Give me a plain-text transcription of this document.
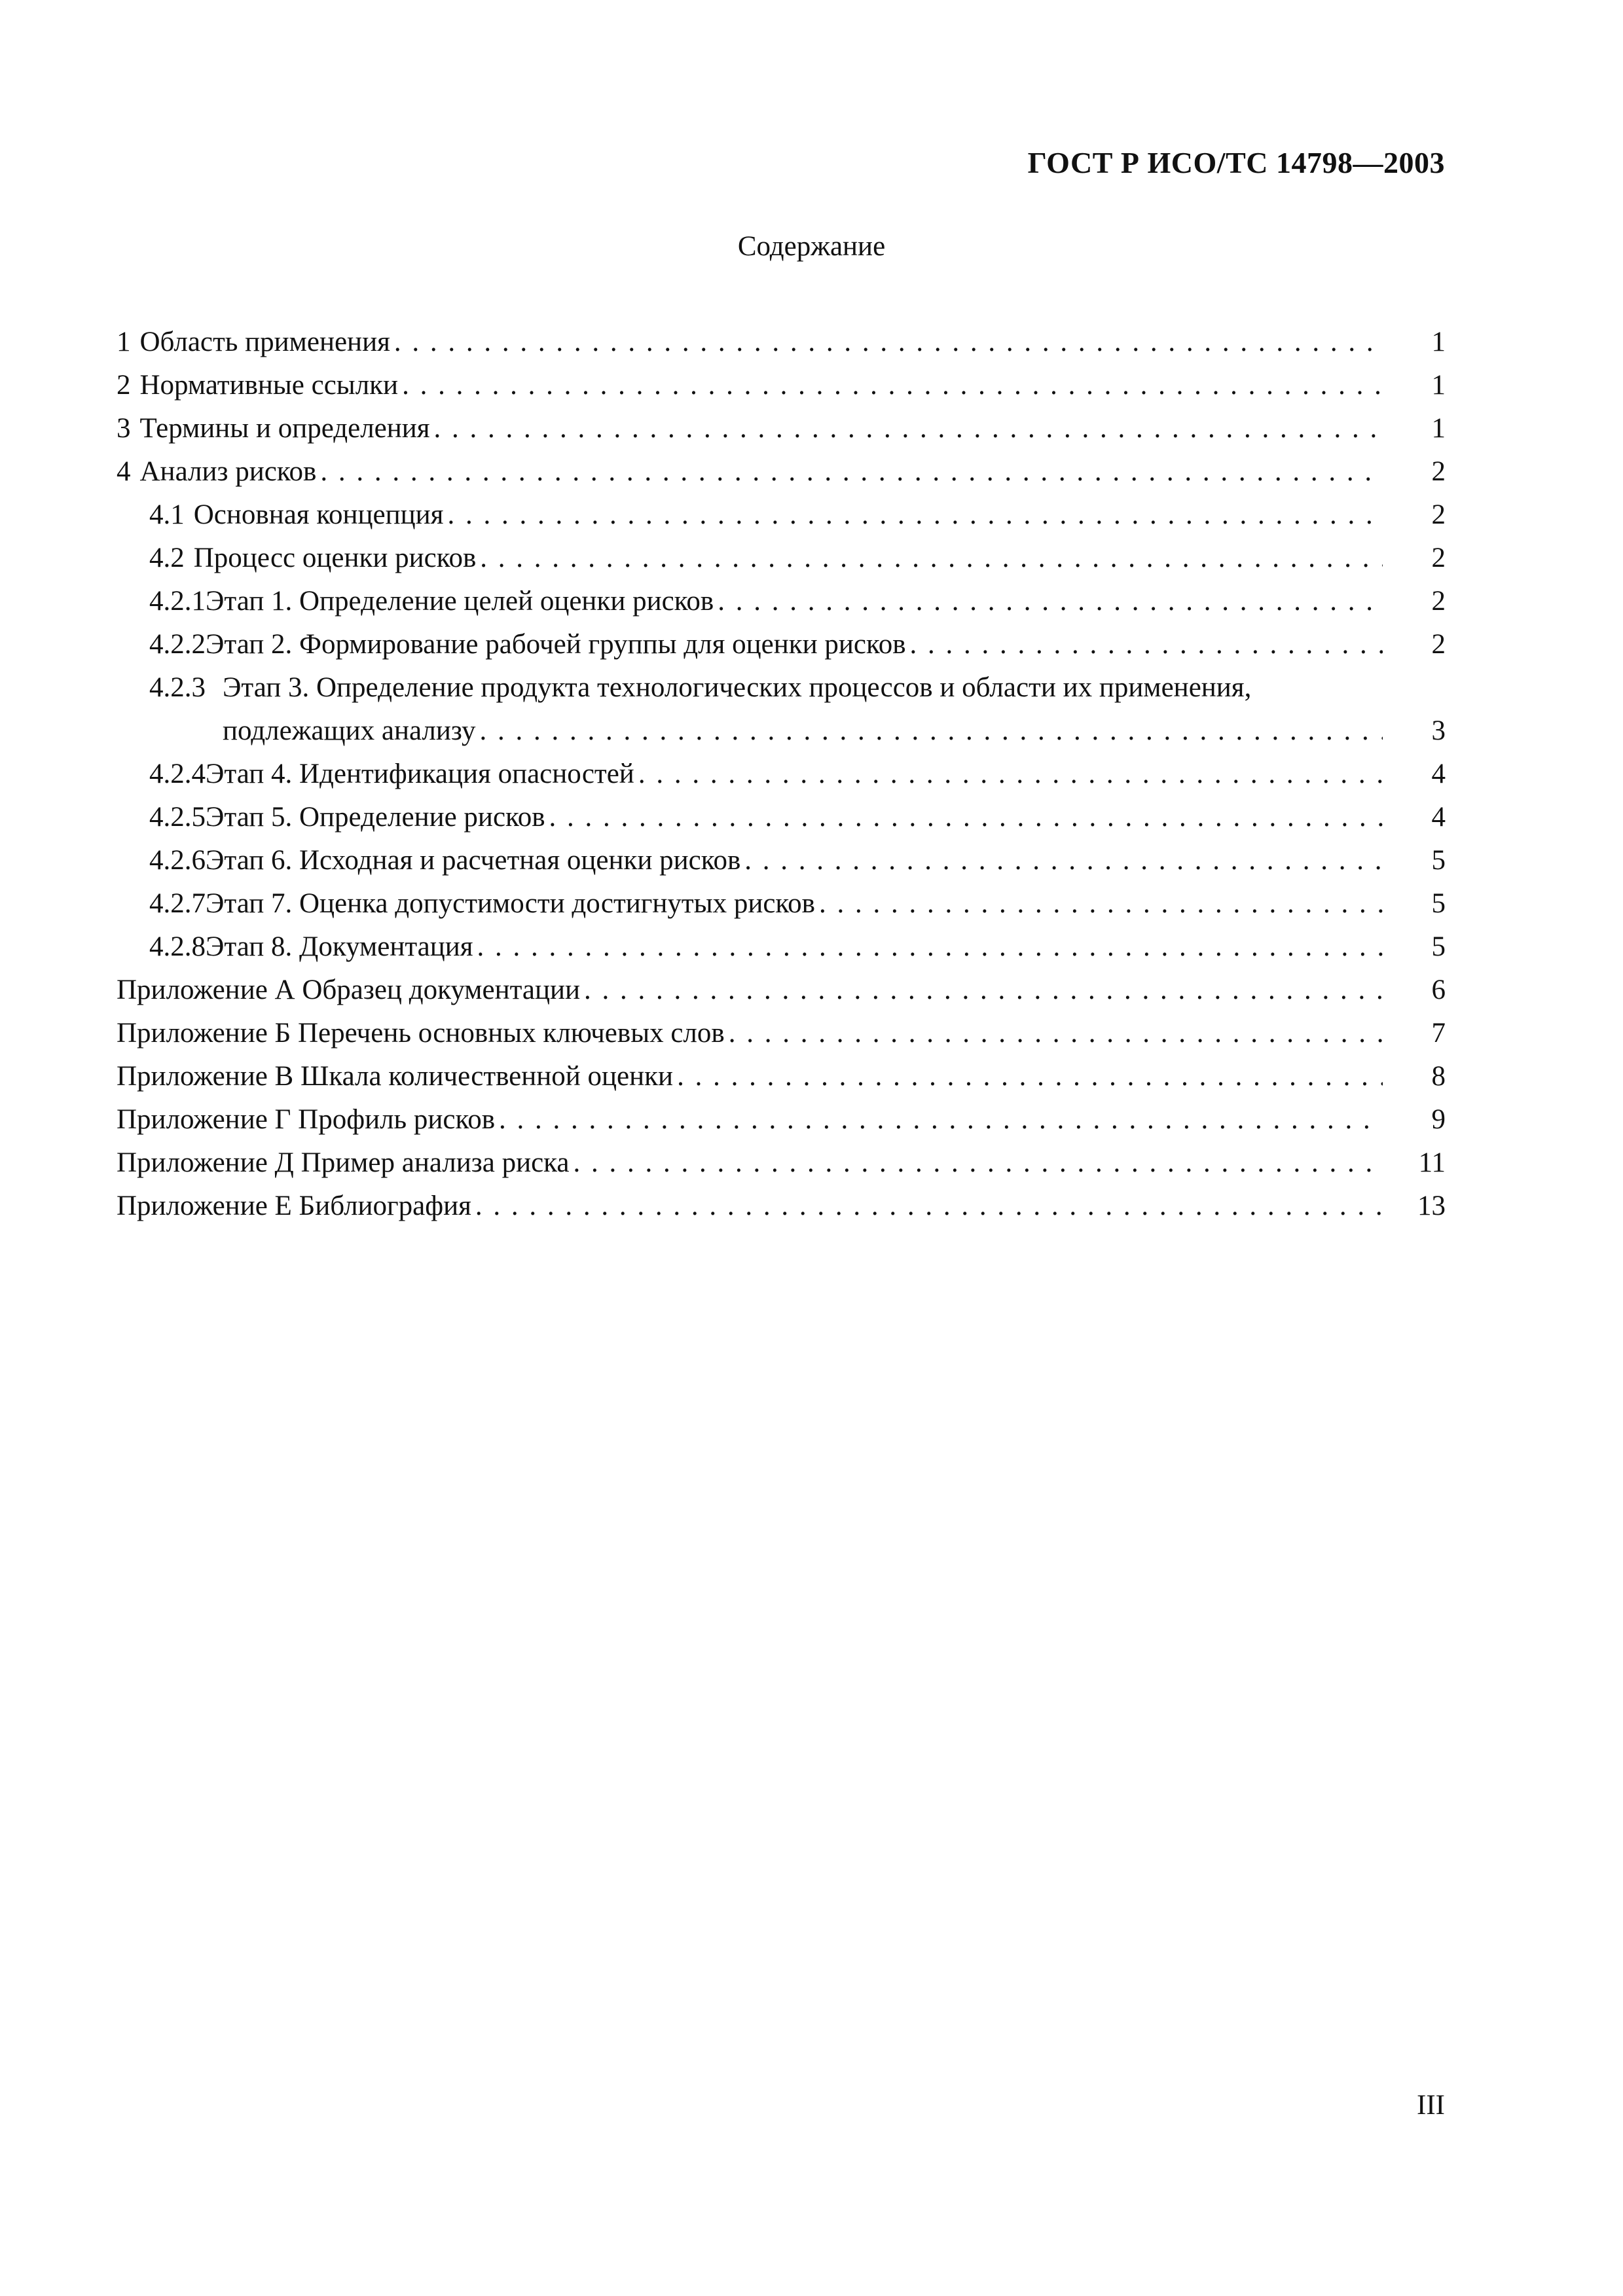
ГОСТ Р ИСО/ТС 14798—2003
Содержание
1 Область применения . . .	1
2 Нормативные ссылки . . .	1
3 Термины и определения . . .	1
4 Анализ рисков . . .	2
4.1 Основная концепция . . .	2
4.2 Процесс оценки рисков . . .	2
4.2.1 Этап 1. Определение целей оценки рисков . . .	2
4.2.2 Этап 2. Формирование рабочей группы для оценки рисков . . .	2
4.2.3 Этап 3. Определение продукта технологических процессов и области их применения,
подлежащих анализу . . .	3
4.2.4 Этап 4. Идентификация опасностей . . .	4
4.2.5 Этап 5. Определение рисков . . .	4
4.2.6 Этап 6. Исходная и расчетная оценки рисков . . .	5
4.2.7 Этап 7. Оценка допустимости достигнутых рисков . . .	5
4.2.8 Этап 8. Документация . . .	5
Приложение А Образец документации . . .	6
Приложение Б Перечень основных ключевых слов . . .	7
Приложение В Шкала количественной оценки . . .	8
Приложение Г Профиль рисков . . .	9
Приложение Д Пример анализа риска . . .	11
Приложение Е Библиография . . .	13
III
